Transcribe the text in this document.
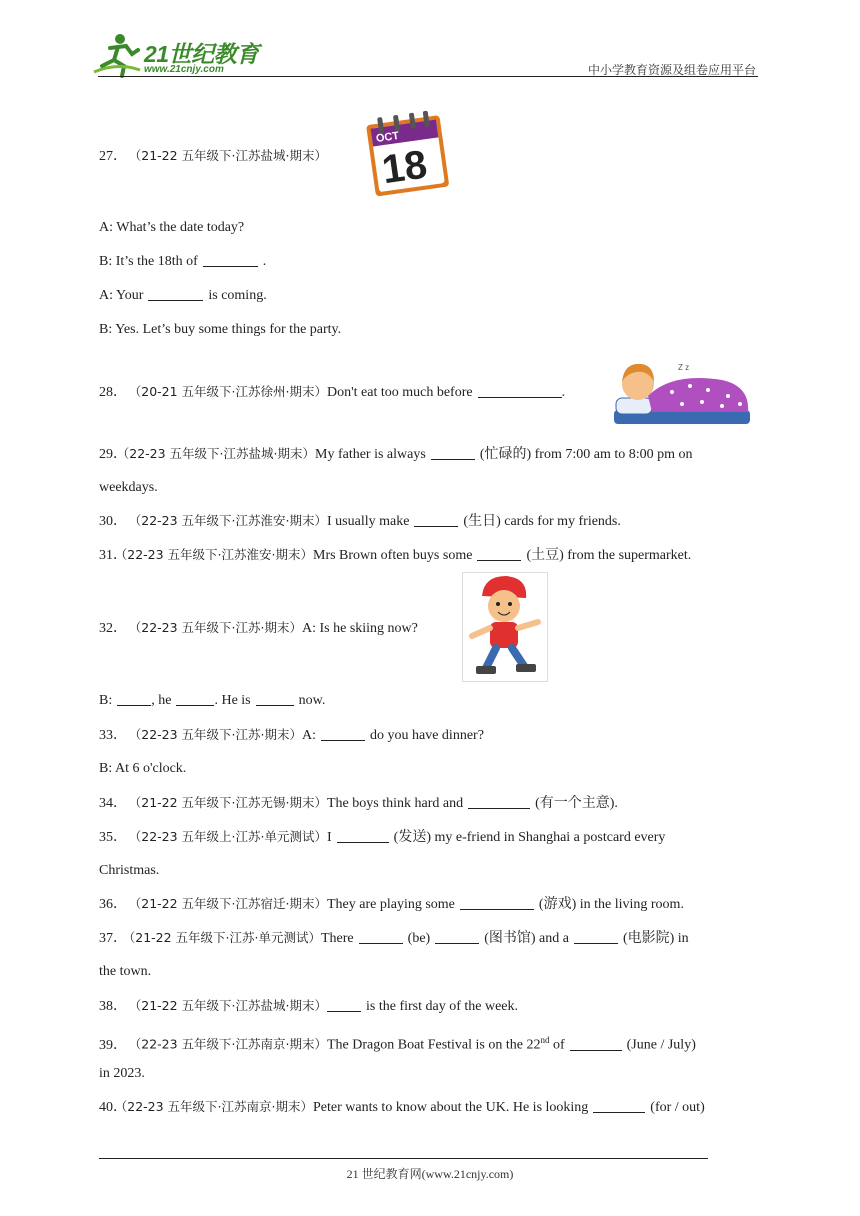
21世纪教育
www.21cnjy.com	中小学教育资源及组卷应用平台
27． （21-22 五年级下·江苏盐城·期末）
OCT
18
A: What’s the date today?
B: It’s the 18th of	.
A: Your	is coming.
B: Yes. Let’s buy some things for the party.
28． （20-21 五年级下·江苏徐州·期末）Don't eat too much before	.
Z z
29．（22-23 五年级下·江苏盐城·期末）My father is always	(忙碌的) from 7:00 am to 8:00 pm on
weekdays.
30． （22-23 五年级下·江苏淮安·期末）I usually make	(生日) cards for my friends.
31．（22-23 五年级下·江苏淮安·期末）Mrs Brown often buys some	(土豆) from the supermarket.
32． （22-23 五年级下·江苏·期末）A: Is he skiing now?
B:	, he	. He is	now.
33． （22-23 五年级下·江苏·期末）A:	do you have dinner?
B: At 6 o'clock.
34． （21-22 五年级下·江苏无锡·期末）The boys think hard and	(有一个主意).
35． （22-23 五年级上·江苏·单元测试）I	(发送) my e-friend in Shanghai a postcard every
Christmas.
36． （21-22 五年级下·江苏宿迁·期末）They are playing some	(游戏) in the living room.
37． （21-22 五年级下·江苏·单元测试）There	(be)	(图书馆) and a	(电影院) in
the town.
38． （21-22 五年级下·江苏盐城·期末）	is the first day of the week.
39． （22-23 五年级下·江苏南京·期末）The Dragon Boat Festival is on the 22nd of	(June / July)
in 2023.
40．（22-23 五年级下·江苏南京·期末）Peter wants to know about the UK. He is looking	(for / out)
21 世纪教育网(www.21cnjy.com)
